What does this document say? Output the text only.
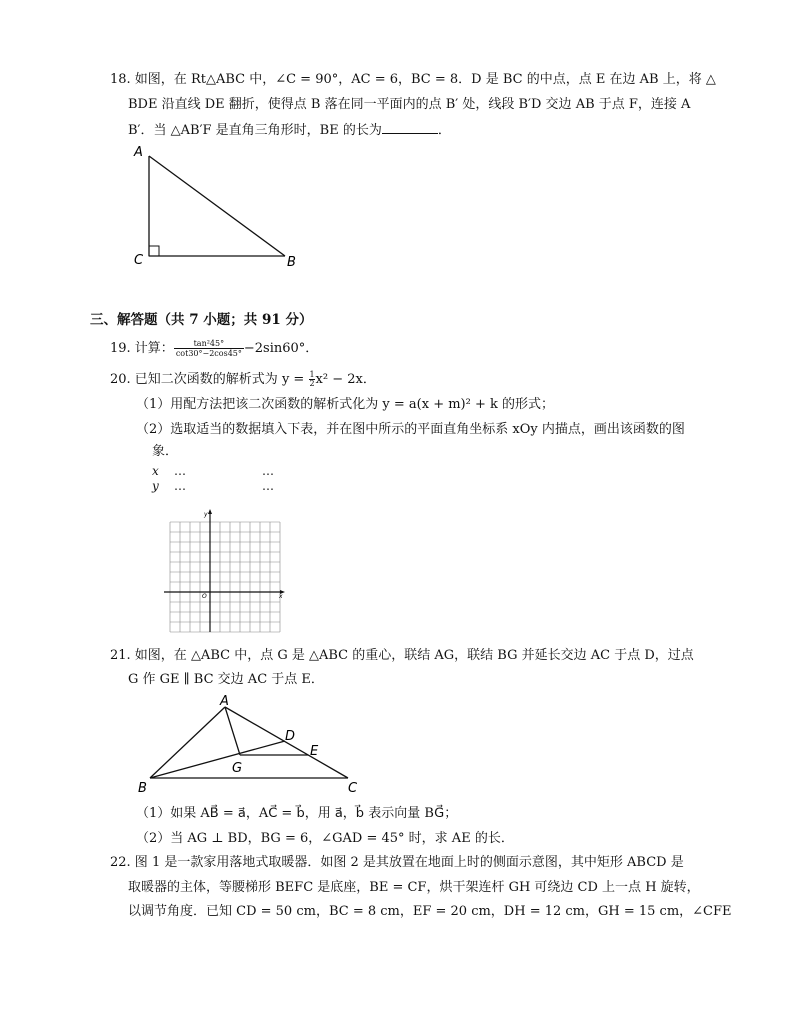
18. 如图，在 Rt△ABC 中，∠C = 90°，AC = 6，BC = 8．D 是 BC 的中点，点 E 在边 AB 上，将 △
BDE 沿直线 DE 翻折，使得点 B 落在同一平面内的点 B′ 处，线段 B′D 交边 AB 于点 F，连接 A
B′．当 △AB′F 是直角三角形时，BE 的长为	．
A
C	B
三、解答题（共 7 小题；共 91 分）
19. 计算： $\frac{\text{tan²45°}}{\cot 30^\circ-2\cos 45^\circ} -2\sin 60^\circ$．
20. 已知二次函数的解析式为 $y = \frac{1}{2}x^2 - 2x$．
（1）用配方法把该二次函数的解析式化为 y = a(x + m)² + k 的形式；
（2）选取适当的数据填入下表，并在图中所示的平面直角坐标系 xOy 内描点，画出该函数的图
象．
x …	…
y …	…
y
x
O
21. 如图，在 △ABC 中，点 G 是 △ABC 的重心，联结 AG，联结 BG 并延长交边 AC 于点 D，过点
G 作 GE ∥ BC 交边 AC 于点 E．
A
B	C
D
E
G
（1）如果 AB⃗ = a⃗，AC⃗ = b⃗，用 a⃗，b⃗ 表示向量 BG⃗；
（2）当 AG ⊥ BD，BG = 6，∠GAD = 45° 时，求 AE 的长．
22. 图 1 是一款家用落地式取暖器．如图 2 是其放置在地面上时的侧面示意图，其中矩形 ABCD 是
取暖器的主体，等腰梯形 BEFC 是底座，BE = CF，烘干架连杆 GH 可绕边 CD 上一点 H 旋转，
以调节角度．已知 CD = 50 cm，BC = 8 cm，EF = 20 cm，DH = 12 cm，GH = 15 cm，∠CFE
